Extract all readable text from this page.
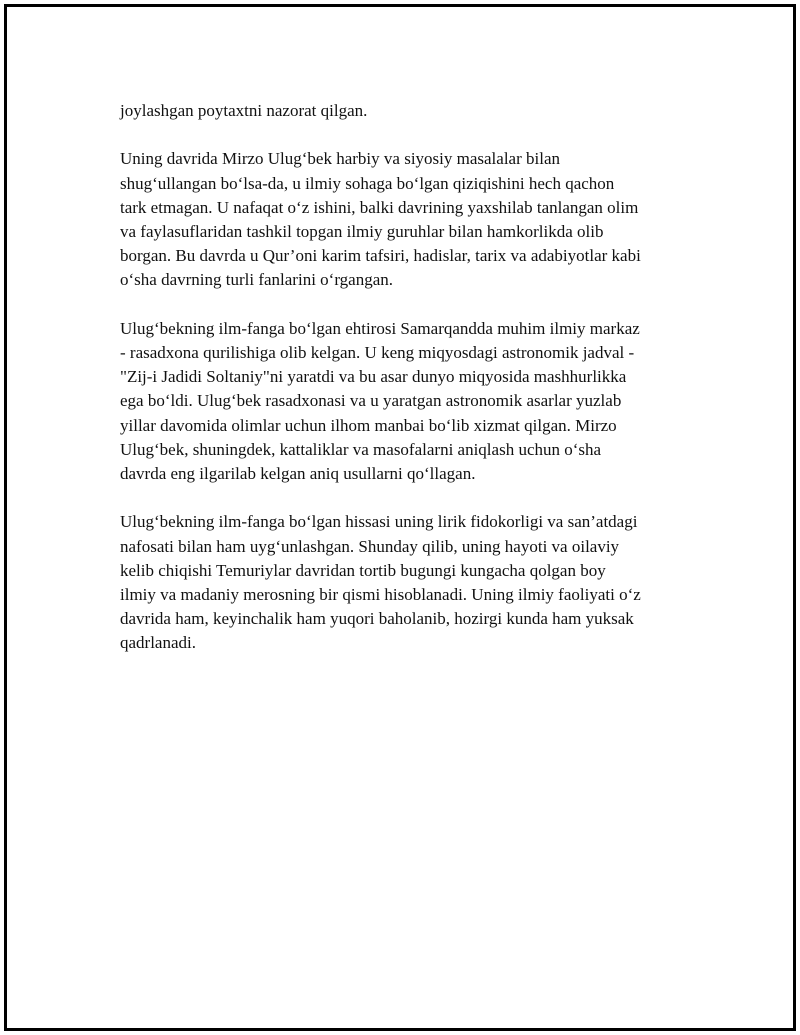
joylashgan poytaxtni nazorat qilgan.

Uning davrida Mirzo Ulug‘bek harbiy va siyosiy masalalar bilan
shug‘ullangan bo‘lsa-da, u ilmiy sohaga bo‘lgan qiziqishini hech qachon
tark etmagan. U nafaqat o‘z ishini, balki davrining yaxshilab tanlangan olim
va faylasuflaridan tashkil topgan ilmiy guruhlar bilan hamkorlikda olib
borgan. Bu davrda u Qur’oni karim tafsiri, hadislar, tarix va adabiyotlar kabi
o‘sha davrning turli fanlarini o‘rgangan.

Ulug‘bekning ilm-fanga bo‘lgan ehtirosi Samarqandda muhim ilmiy markaz
- rasadxona qurilishiga olib kelgan. U keng miqyosdagi astronomik jadval -
"Zij-i Jadidi Soltaniy"ni yaratdi va bu asar dunyo miqyosida mashhurlikka
ega bo‘ldi. Ulug‘bek rasadxonasi va u yaratgan astronomik asarlar yuzlab
yillar davomida olimlar uchun ilhom manbai bo‘lib xizmat qilgan. Mirzo
Ulug‘bek, shuningdek, kattaliklar va masofalarni aniqlash uchun o‘sha
davrda eng ilgarilab kelgan aniq usullarni qo‘llagan.

Ulug‘bekning ilm-fanga bo‘lgan hissasi uning lirik fidokorligi va san’atdagi
nafosati bilan ham uyg‘unlashgan. Shunday qilib, uning hayoti va oilaviy
kelib chiqishi Temuriylar davridan tortib bugungi kungacha qolgan boy
ilmiy va madaniy merosning bir qismi hisoblanadi. Uning ilmiy faoliyati o‘z
davrida ham, keyinchalik ham yuqori baholanib, hozirgi kunda ham yuksak
qadrlanadi.
